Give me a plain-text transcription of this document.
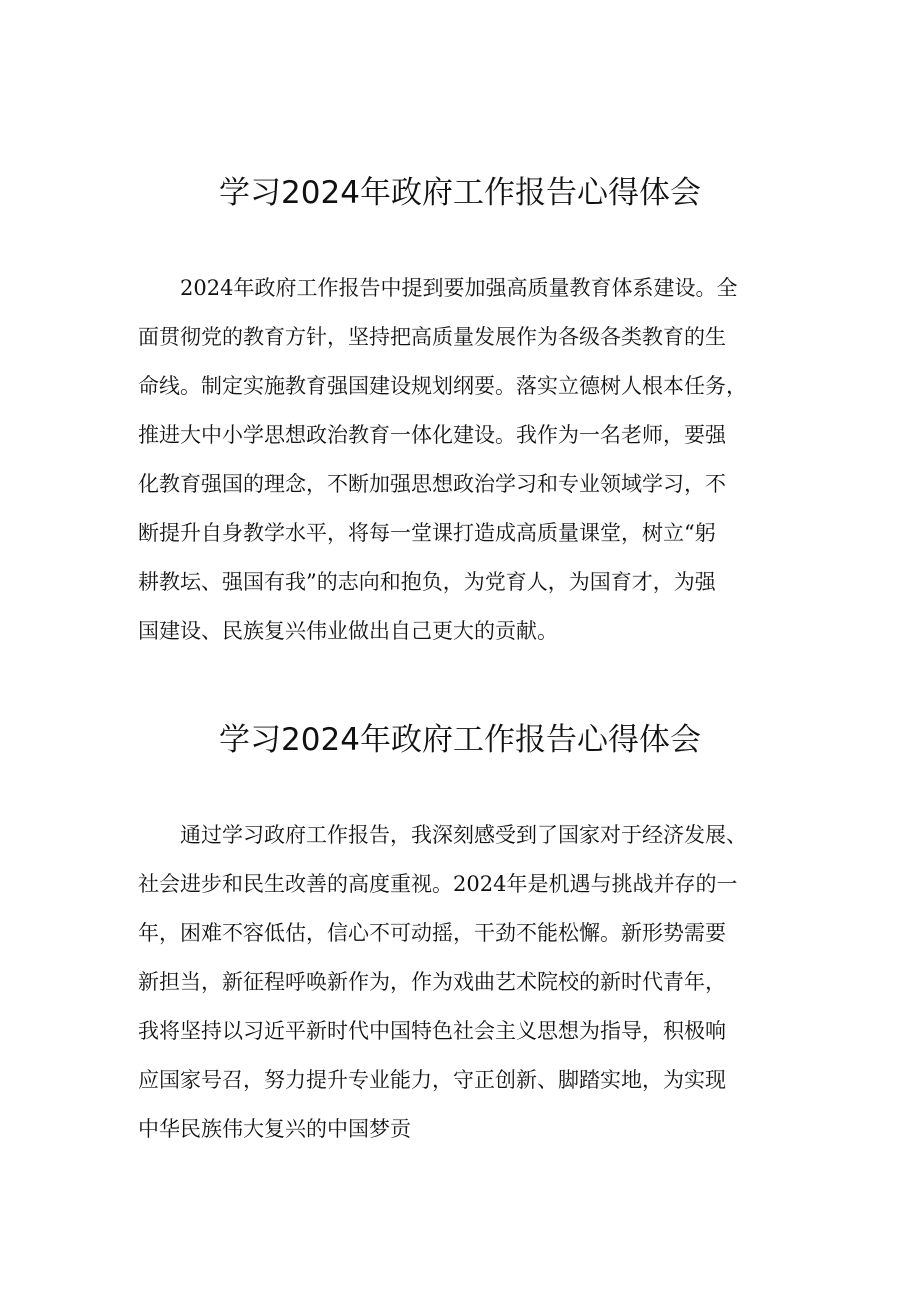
学习2024年政府工作报告心得体会
　　2024年政府工作报告中提到要加强高质量教育体系建设。全
面贯彻党的教育方针，坚持把高质量发展作为各级各类教育的生
命线。制定实施教育强国建设规划纲要。落实立德树人根本任务，
推进大中小学思想政治教育一体化建设。我作为一名老师，要强
化教育强国的理念，不断加强思想政治学习和专业领域学习，不
断提升自身教学水平，将每一堂课打造成高质量课堂，树立“躬
耕教坛、强国有我”的志向和抱负，为党育人，为国育才，为强
国建设、民族复兴伟业做出自己更大的贡献。
学习2024年政府工作报告心得体会
　　通过学习政府工作报告，我深刻感受到了国家对于经济发展、
社会进步和民生改善的高度重视。2024年是机遇与挑战并存的一
年，困难不容低估，信心不可动摇，干劲不能松懈。新形势需要
新担当，新征程呼唤新作为，作为戏曲艺术院校的新时代青年，
我将坚持以习近平新时代中国特色社会主义思想为指导，积极响
应国家号召，努力提升专业能力，守正创新、脚踏实地，为实现
中华民族伟大复兴的中国梦贡
